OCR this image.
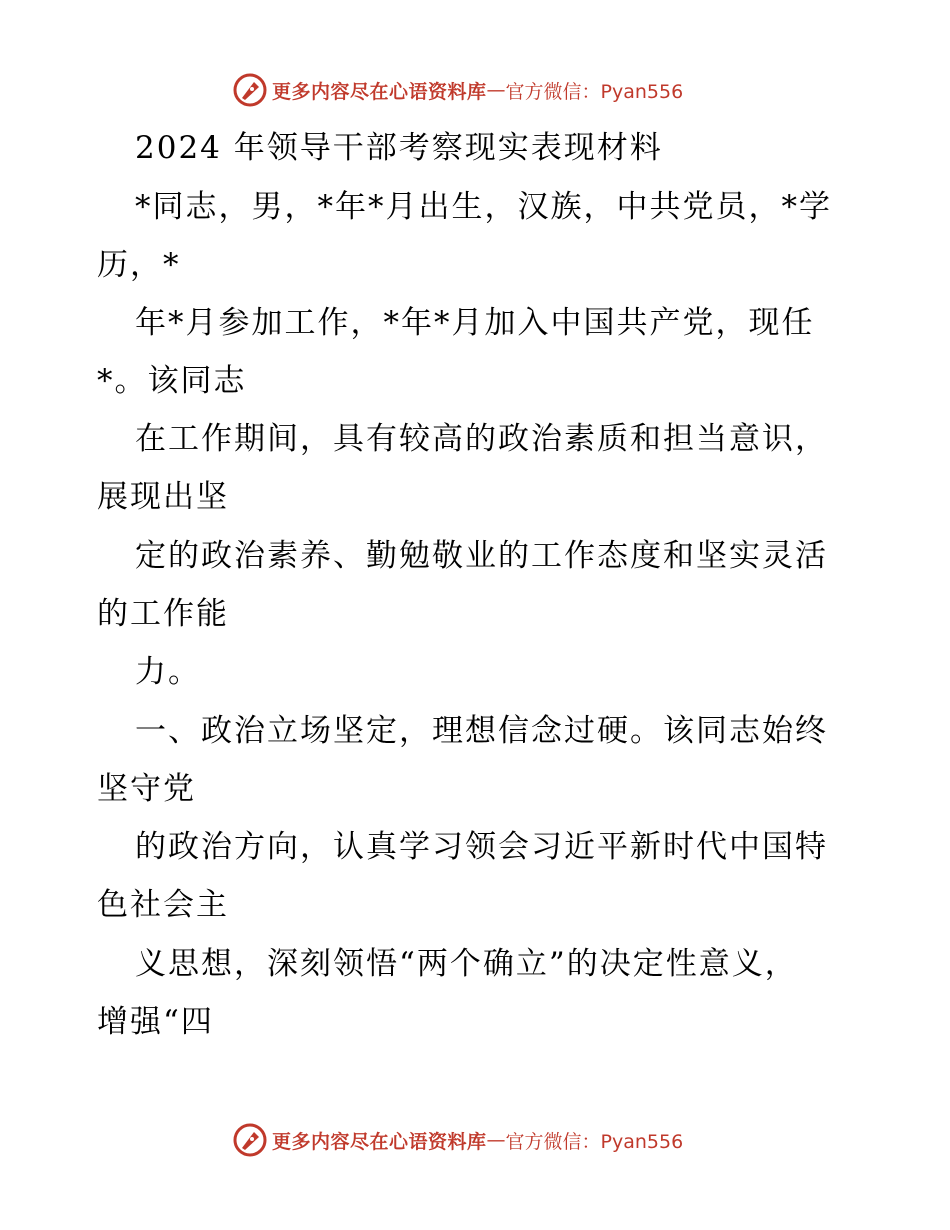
更多内容尽在心语资料库 — 官方微信：Pyan556
2024 年领导干部考察现实表现材料
*同志，男，*年*月出生，汉族，中共党员，*学
历，*
年*月参加工作，*年*月加入中国共产党，现任
*。该同志
在工作期间，具有较高的政治素质和担当意识，
展现出坚
定的政治素养、勤勉敬业的工作态度和坚实灵活
的工作能
力。
一、政治立场坚定，理想信念过硬。该同志始终
坚守党
的政治方向，认真学习领会习近平新时代中国特
色社会主
义思想，深刻领悟“两个确立”的决定性意义，
增强“四
更多内容尽在心语资料库 — 官方微信：Pyan556
